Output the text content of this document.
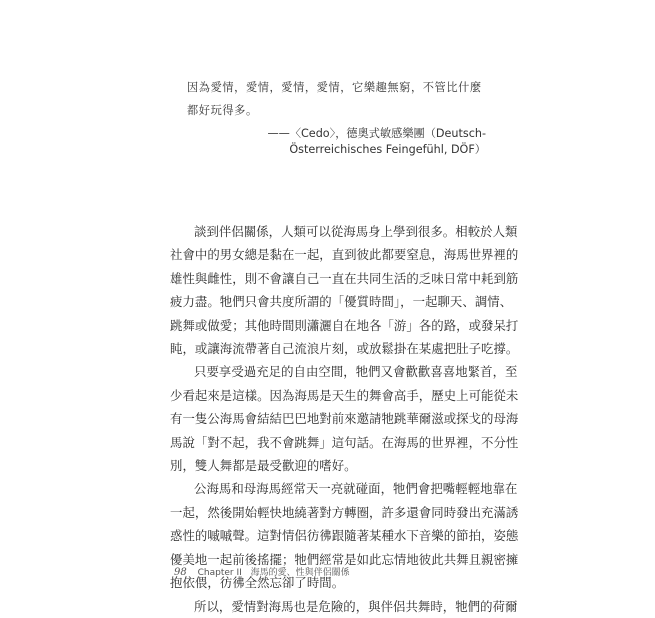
因為愛情，愛情，愛情，愛情，它樂趣無窮，不管比什麼

都好玩得多。

——〈Cedo〉，德奧式敏感樂團（Deutsch-
Österreichisches Feingefühl, DÖF）
談到伴侶關係，人類可以從海馬身上學到很多。相較於人類
社會中的男女總是黏在一起，直到彼此都要窒息，海馬世界裡的
雄性與雌性，則不會讓自己一直在共同生活的乏味日常中耗到筋
疲力盡。牠們只會共度所謂的「優質時間」，一起聊天、調情、
跳舞或做愛；其他時間則瀟灑自在地各「游」各的路，或發呆打
盹，或讓海流帶著自己流浪片刻，或放鬆掛在某處把肚子吃撐。
只要享受過充足的自由空間，牠們又會歡歡喜喜地緊首，至
少看起來是這樣。因為海馬是天生的舞會高手，歷史上可能從未
有一隻公海馬會結結巴巴地對前來邀請牠跳華爾滋或探戈的母海
馬說「對不起，我不會跳舞」這句話。在海馬的世界裡，不分性
別，雙人舞都是最受歡迎的嗜好。
公海馬和母海馬經常天一亮就碰面，牠們會把嘴輕輕地靠在
一起，然後開始輕快地繞著對方轉圈，許多還會同時發出充滿誘
惑性的嘁嘁聲。這對情侶彷彿跟隨著某種水下音樂的節拍，姿態
優美地一起前後搖擺；牠們經常是如此忘情地彼此共舞且親密擁
抱依偎，彷彿全然忘卻了時間。
所以，愛情對海馬也是危險的，與伴侶共舞時，牠們的荷爾
98 Chapter II 海馬的愛、性與伴侶關係
